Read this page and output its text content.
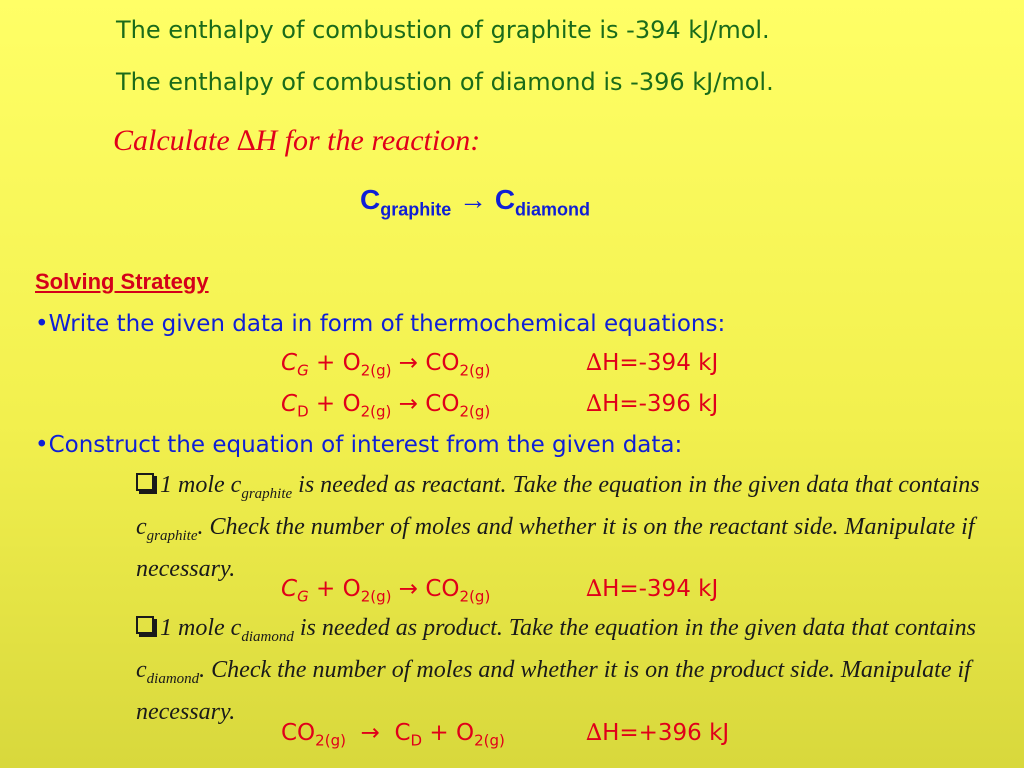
The enthalpy of combustion of graphite is -394 kJ/mol.
The enthalpy of combustion of diamond is -396 kJ/mol.
Calculate ∆H for the reaction:
$C_{graphite} \to C_{diamond}$
Solving Strategy
•Write the given data in form of thermochemical equations:
$C_G + O_{2(g)} \to CO_{2(g)}$	∆H=-394 kJ
$C_D + O_{2(g)} \to CO_{2(g)}$	∆H=-396 kJ
•Construct the equation of interest from the given data:
1 mole $c_{graphite}$ is needed as reactant. Take the equation in the given data that contains $c_{graphite}$. Check the number of moles and whether it is on the reactant side. Manipulate if necessary.
$C_G + O_{2(g)} \to CO_{2(g)}$	∆H=-394 kJ
1 mole $c_{diamond}$ is needed as product. Take the equation in the given data that contains $c_{diamond}$. Check the number of moles and whether it is on the product side. Manipulate if necessary.
$CO_{2(g)} \to C_D + O_{2(g)}$	∆H=+396 kJ
